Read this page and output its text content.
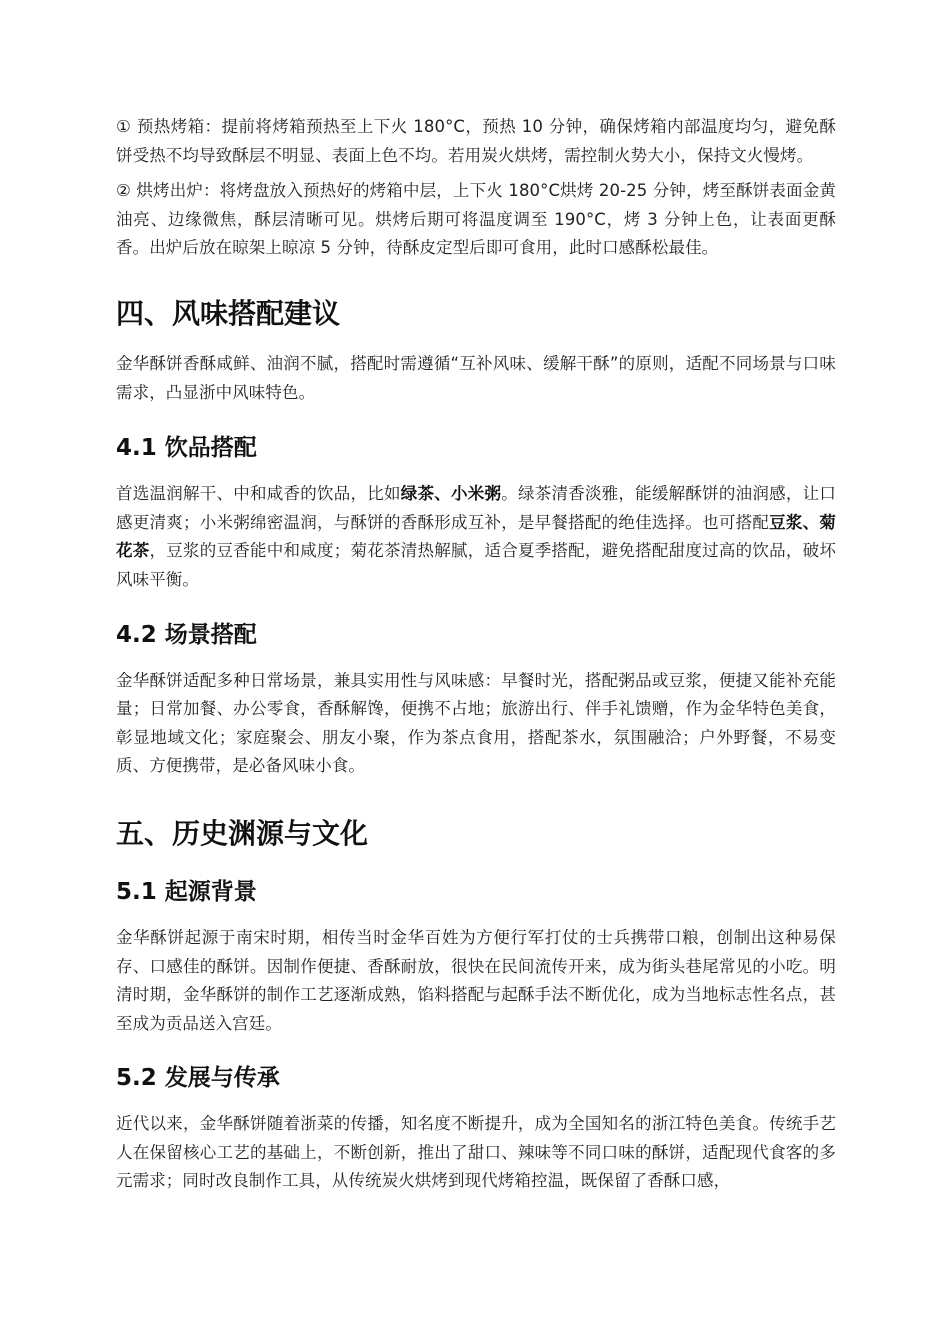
① 预热烤箱：提前将烤箱预热至上下火 180°C，预热 10 分钟，确保烤箱内部温度均匀，避免酥饼受热不均导致酥层不明显、表面上色不均。若用炭火烘烤，需控制火势大小，保持文火慢烤。

② 烘烤出炉：将烤盘放入预热好的烤箱中层，上下火 180°C烘烤 20-25 分钟，烤至酥饼表面金黄油亮、边缘微焦，酥层清晰可见。烘烤后期可将温度调至 190°C，烤 3 分钟上色，让表面更酥香。出炉后放在晾架上晾凉 5 分钟，待酥皮定型后即可食用，此时口感酥松最佳。

四、风味搭配建议

金华酥饼香酥咸鲜、油润不腻，搭配时需遵循“互补风味、缓解干酥”的原则，适配不同场景与口味需求，凸显浙中风味特色。

4.1 饮品搭配

首选温润解干、中和咸香的饮品，比如绿茶、小米粥。绿茶清香淡雅，能缓解酥饼的油润感，让口感更清爽；小米粥绵密温润，与酥饼的香酥形成互补，是早餐搭配的绝佳选择。也可搭配豆浆、菊花茶，豆浆的豆香能中和咸度；菊花茶清热解腻，适合夏季搭配，避免搭配甜度过高的饮品，破坏风味平衡。

4.2 场景搭配

金华酥饼适配多种日常场景，兼具实用性与风味感：早餐时光，搭配粥品或豆浆，便捷又能补充能量；日常加餐、办公零食，香酥解馋，便携不占地；旅游出行、伴手礼馈赠，作为金华特色美食，彰显地域文化；家庭聚会、朋友小聚，作为茶点食用，搭配茶水，氛围融洽；户外野餐，不易变质、方便携带，是必备风味小食。

五、历史渊源与文化
5.1 起源背景

金华酥饼起源于南宋时期，相传当时金华百姓为方便行军打仗的士兵携带口粮，创制出这种易保存、口感佳的酥饼。因制作便捷、香酥耐放，很快在民间流传开来，成为街头巷尾常见的小吃。明清时期，金华酥饼的制作工艺逐渐成熟，馅料搭配与起酥手法不断优化，成为当地标志性名点，甚至成为贡品送入宫廷。

5.2 发展与传承

近代以来，金华酥饼随着浙菜的传播，知名度不断提升，成为全国知名的浙江特色美食。传统手艺人在保留核心工艺的基础上，不断创新，推出了甜口、辣味等不同口味的酥饼，适配现代食客的多元需求；同时改良制作工具，从传统炭火烘烤到现代烤箱控温，既保留了香酥口感，
